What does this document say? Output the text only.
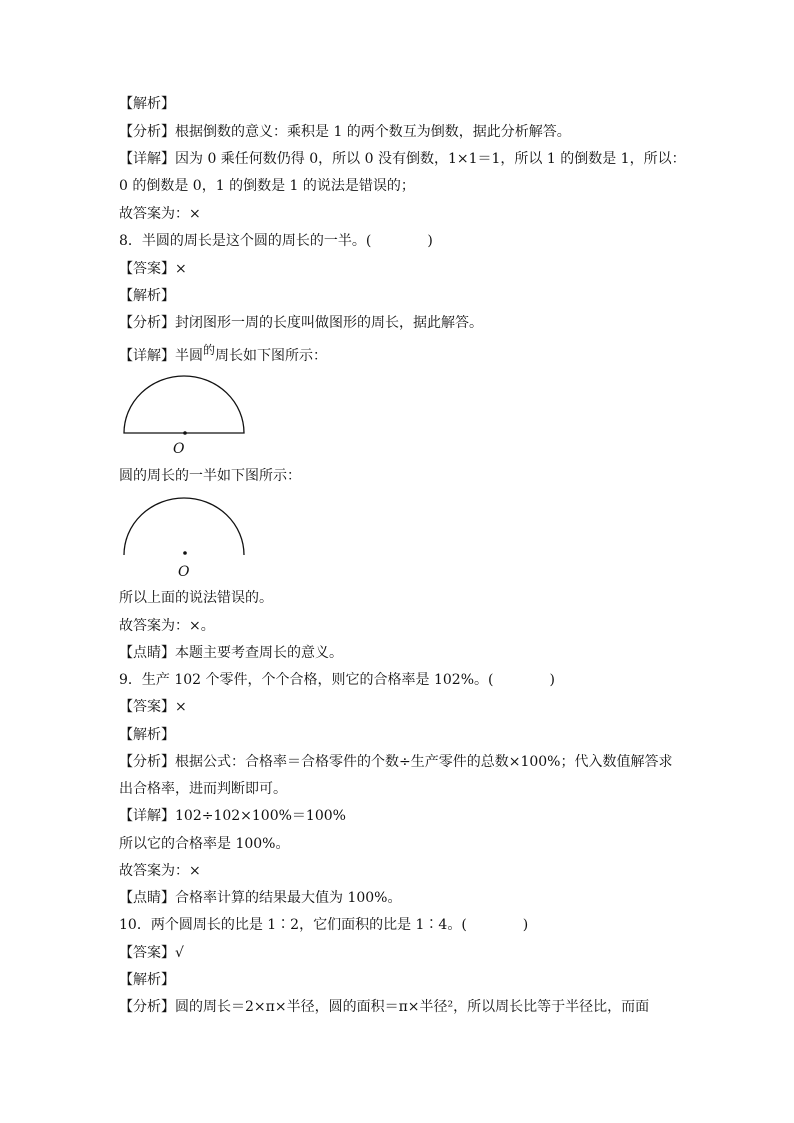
【解析】

【分析】根据倒数的意义：乘积是 1 的两个数互为倒数，据此分析解答。

【详解】因为 0 乘任何数仍得 0，所以 0 没有倒数，1×1＝1，所以 1 的倒数是 1，所以：

0 的倒数是 0，1 的倒数是 1 的说法是错误的；

故答案为：×

8．半圆的周长是这个圆的周长的一半。(　　　　)

【答案】×

【解析】

【分析】封闭图形一周的长度叫做图形的周长，据此解答。

【详解】半圆的周长如下图所示：

O

圆的周长的一半如下图所示：

O

所以上面的说法错误的。

故答案为：×。

【点睛】本题主要考查周长的意义。

9．生产 102 个零件，个个合格，则它的合格率是 102%。(　　　　)

【答案】×

【解析】

【分析】根据公式：合格率＝合格零件的个数÷生产零件的总数×100%；代入数值解答求

出合格率，进而判断即可。

【详解】102÷102×100%＝100%

所以它的合格率是 100%。

故答案为：×

【点睛】合格率计算的结果最大值为 100%。

10．两个圆周长的比是 1∶2，它们面积的比是 1∶4。(　　　　)

【答案】√

【解析】

【分析】圆的周长＝2×π×半径，圆的面积＝π×半径²，所以周长比等于半径比，而面
